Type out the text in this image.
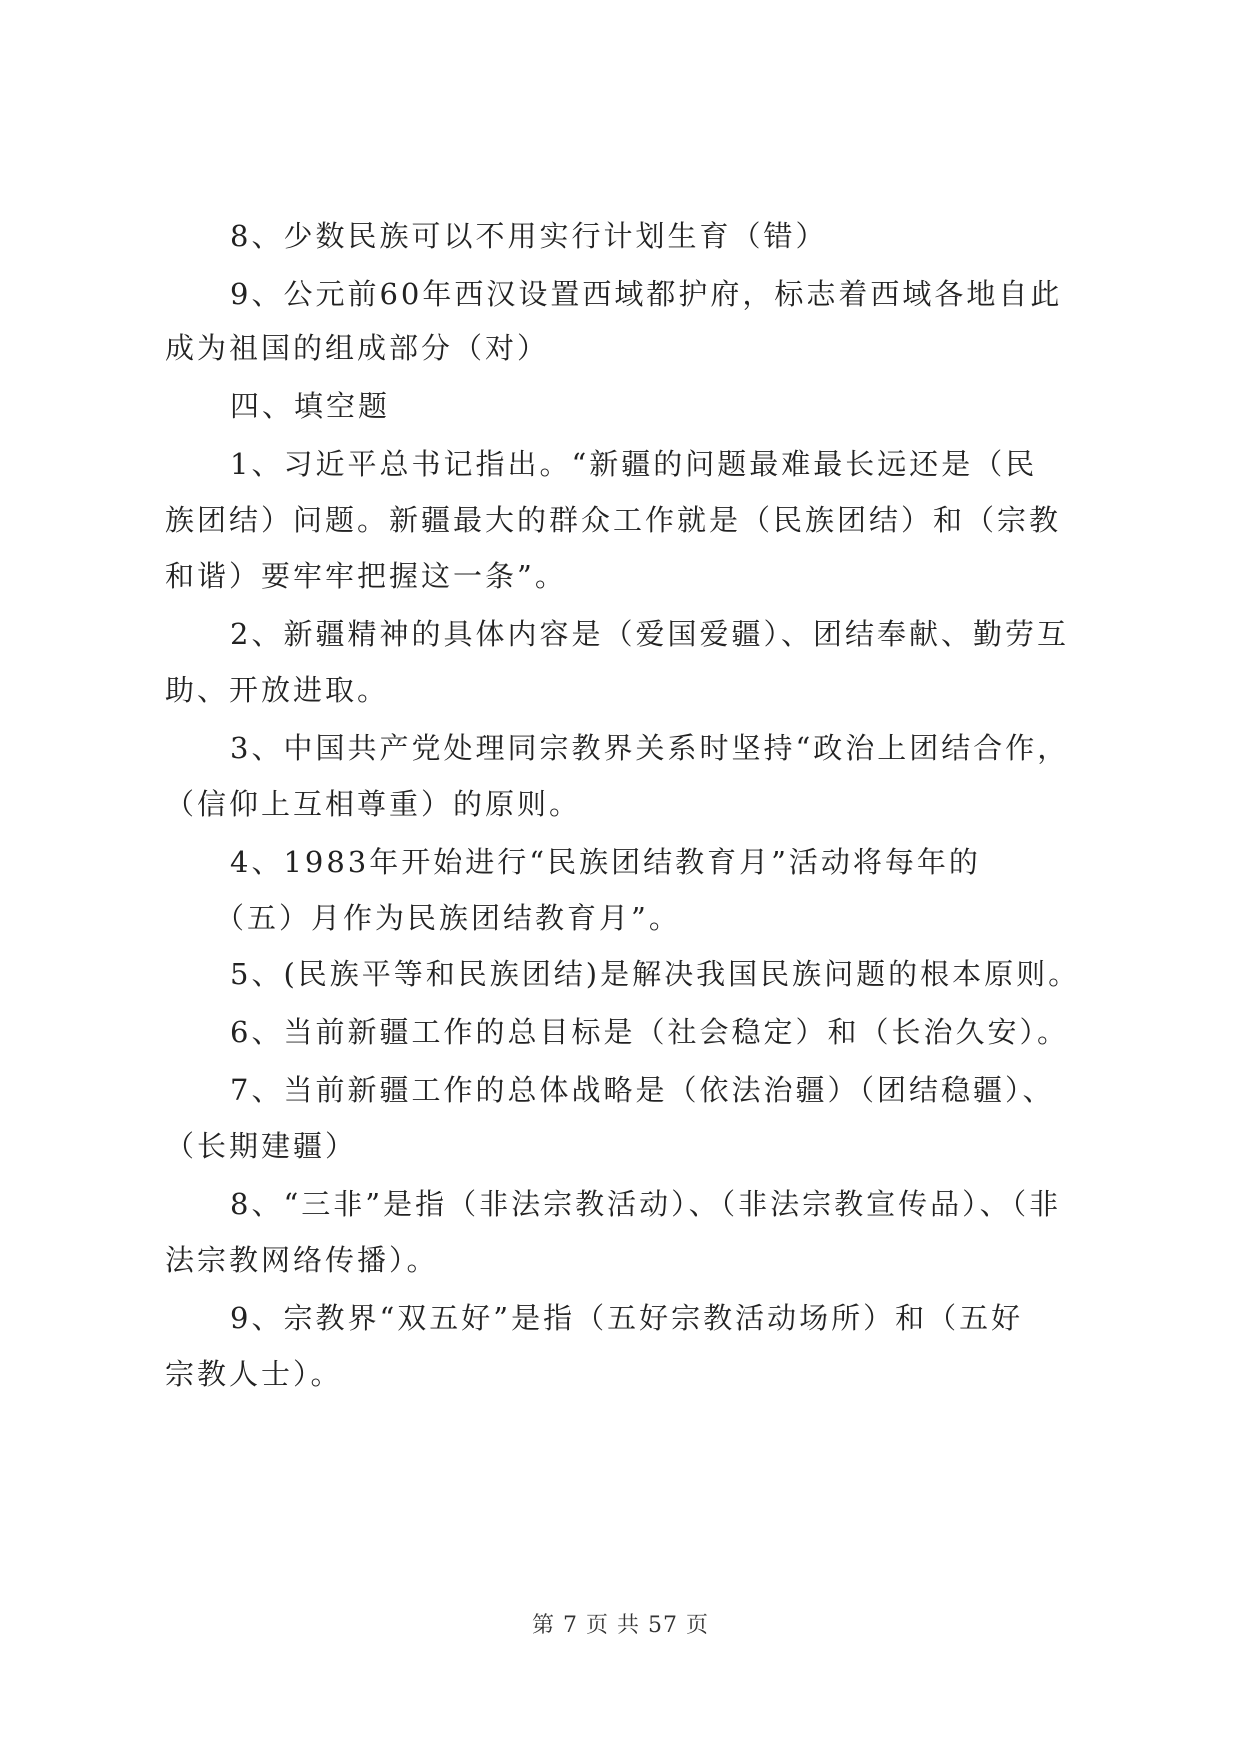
8、少数民族可以不用实行计划生育（错）
9、公元前60年西汉设置西域都护府，标志着西域各地自此
成为祖国的组成部分（对）
四、填空题
1、习近平总书记指出。“新疆的问题最难最长远还是（民
族团结）问题。新疆最大的群众工作就是（民族团结）和（宗教
和谐）要牢牢把握这一条”。
2、新疆精神的具体内容是（爱国爱疆）、团结奉献、勤劳互
助、开放进取。
3、中国共产党处理同宗教界关系时坚持“政治上团结合作，
（信仰上互相尊重）的原则。
4、1983年开始进行“民族团结教育月”活动将每年的
（五）月作为民族团结教育月”。
5、(民族平等和民族团结)是解决我国民族问题的根本原则。
6、当前新疆工作的总目标是（社会稳定）和（长治久安）。
7、当前新疆工作的总体战略是（依法治疆）（团结稳疆）、
（长期建疆）
8、“三非”是指（非法宗教活动）、（非法宗教宣传品）、（非
法宗教网络传播）。
9、宗教界“双五好”是指（五好宗教活动场所）和（五好
宗教人士）。
第 7 页 共 57 页
